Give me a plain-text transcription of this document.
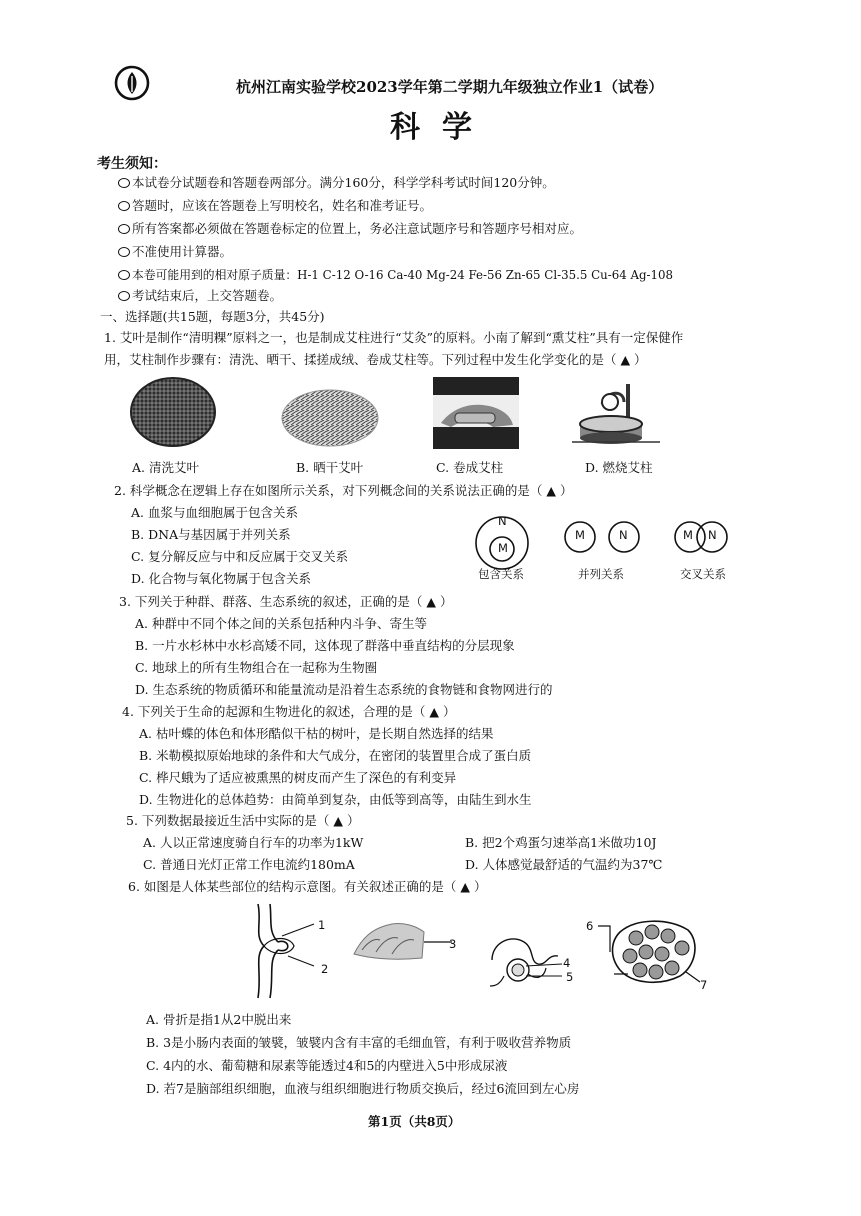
杭州江南实验学校2023学年第二学期九年级独立作业1（试卷）
科学
考生须知：
本试卷分试题卷和答题卷两部分。满分160分，科学学科考试时间120分钟。
答题时，应该在答题卷上写明校名，姓名和准考证号。
所有答案都必须做在答题卷标定的位置上，务必注意试题序号和答题序号相对应。
不准使用计算器。
本卷可能用到的相对原子质量：H-1 C-12 O-16 Ca-40 Mg-24 Fe-56 Zn-65 Cl-35.5 Cu-64 Ag-108
考试结束后，上交答题卷。
一、选择题(共15题，每题3分，共45分)
1. 艾叶是制作“清明粿”原料之一，也是制成艾柱进行“艾灸”的原料。小南了解到“熏艾柱”具有一定保健作
用，艾柱制作步骤有：清洗、晒干、揉搓成绒、卷成艾柱等。下列过程中发生化学变化的是（ ▲ ）
A. 清洗艾叶	B. 晒干艾叶	C. 卷成艾柱	D. 燃烧艾柱
2. 科学概念在逻辑上存在如图所示关系，对下列概念间的关系说法正确的是（ ▲ ）
A. 血浆与血细胞属于包含关系
B. DNA与基因属于并列关系
C. 复分解反应与中和反应属于交叉关系
D. 化合物与氧化物属于包含关系
N
M
M	N	M N
包含关系	并列关系	交叉关系
3. 下列关于种群、群落、生态系统的叙述，正确的是（ ▲ ）
A. 种群中不同个体之间的关系包括种内斗争、寄生等
B. 一片水杉林中水杉高矮不同，这体现了群落中垂直结构的分层现象
C. 地球上的所有生物组合在一起称为生物圈
D. 生态系统的物质循环和能量流动是沿着生态系统的食物链和食物网进行的
4. 下列关于生命的起源和生物进化的叙述，合理的是（ ▲ ）
A. 枯叶蝶的体色和体形酷似干枯的树叶，是长期自然选择的结果
B. 米勒模拟原始地球的条件和大气成分，在密闭的装置里合成了蛋白质
C. 桦尺蛾为了适应被熏黑的树皮而产生了深色的有利变异
D. 生物进化的总体趋势：由简单到复杂，由低等到高等，由陆生到水生
5. 下列数据最接近生活中实际的是（ ▲ ）
A. 人以正常速度骑自行车的功率为1kW	B. 把2个鸡蛋匀速举高1米做功10J
C. 普通日光灯正常工作电流约180mA	D. 人体感觉最舒适的气温约为37℃
6. 如图是人体某些部位的结构示意图。有关叙述正确的是（ ▲ ）
1
2
3
4
5
6
7
A. 骨折是指1从2中脱出来
B. 3是小肠内表面的皱襞，皱襞内含有丰富的毛细血管，有利于吸收营养物质
C. 4内的水、葡萄糖和尿素等能透过4和5的内壁进入5中形成尿液
D. 若7是脑部组织细胞，血液与组织细胞进行物质交换后，经过6流回到左心房
第1页（共8页）
